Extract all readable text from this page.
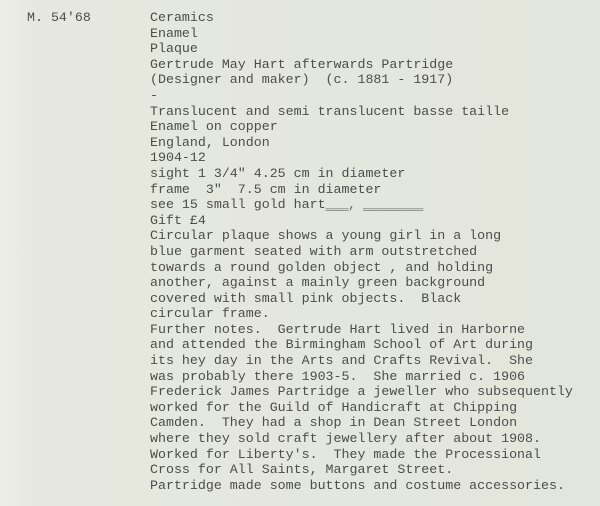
M. 54'68	Ceramics
Enamel
Plaque
Gertrude May Hart afterwards Partridge
(Designer and maker)  (c. 1881 - 1917)
-
Translucent and semi translucent basse taille
Enamel on copper
England, London
1904-12
sight 1 3/4" 4.25 cm in diameter
frame  3"  7.5 cm in diameter
see 15 small gold hart‗‗‗, ‗‗‗‗‗‗‗‗
Gift £4
Circular plaque shows a young girl in a long
blue garment seated with arm outstretched
towards a round golden object , and holding
another, against a mainly green background
covered with small pink objects.  Black
circular frame.
Further notes.  Gertrude Hart lived in Harborne
and attended the Birmingham School of Art during
its hey day in the Arts and Crafts Revival.  She
was probably there 1903-5.  She married c. 1906
Frederick James Partridge a jeweller who subsequently
worked for the Guild of Handicraft at Chipping
Camden.  They had a shop in Dean Street London
where they sold craft jewellery after about 1908.
Worked for Liberty's.  They made the Processional
Cross for All Saints, Margaret Street.
Partridge made some buttons and costume accessories.
